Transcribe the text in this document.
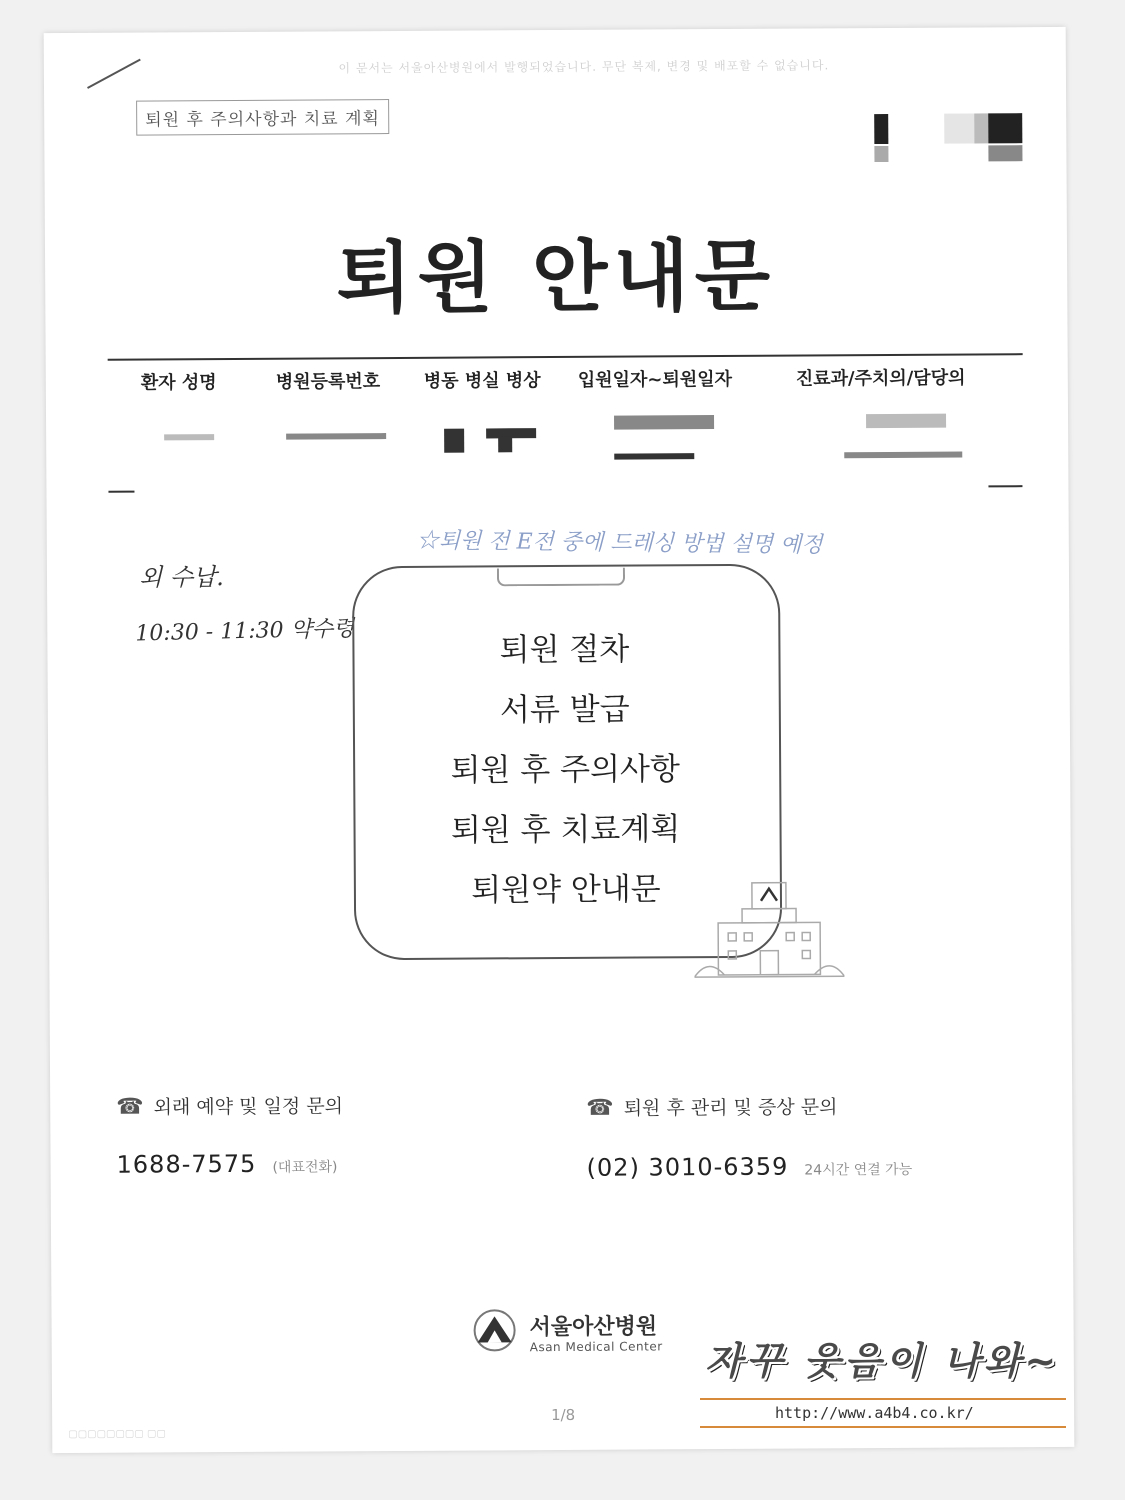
이 문서는 서울아산병원에서 발행되었습니다. 무단 복제, 변경 및 배포할 수 없습니다.
퇴원 후 주의사항과 치료 계획
퇴원 안내문
환자 성명	병원등록번호 병동 병실 병상 입원일자~퇴원일자	진료과/주치의/담당의
☆퇴원 전 E전 중에 드레싱 방법 설명 예정
외 수납.
10:30 - 11:30 약수령
퇴원 절차
서류 발급
퇴원 후 주의사항
퇴원 후 치료계획
퇴원약 안내문
☎ 외래 예약 및 일정 문의
1688-7575 (대표전화)
☎ 퇴원 후 관리 및 증상 문의
(02) 3010-6359 24시간 연결 가능
서울아산병원
Asan Medical Center
1/8
▢▢▢▢▢▢▢▢ ▢▢
자꾸 웃음이 나와~
http://www.a4b4.co.kr/
